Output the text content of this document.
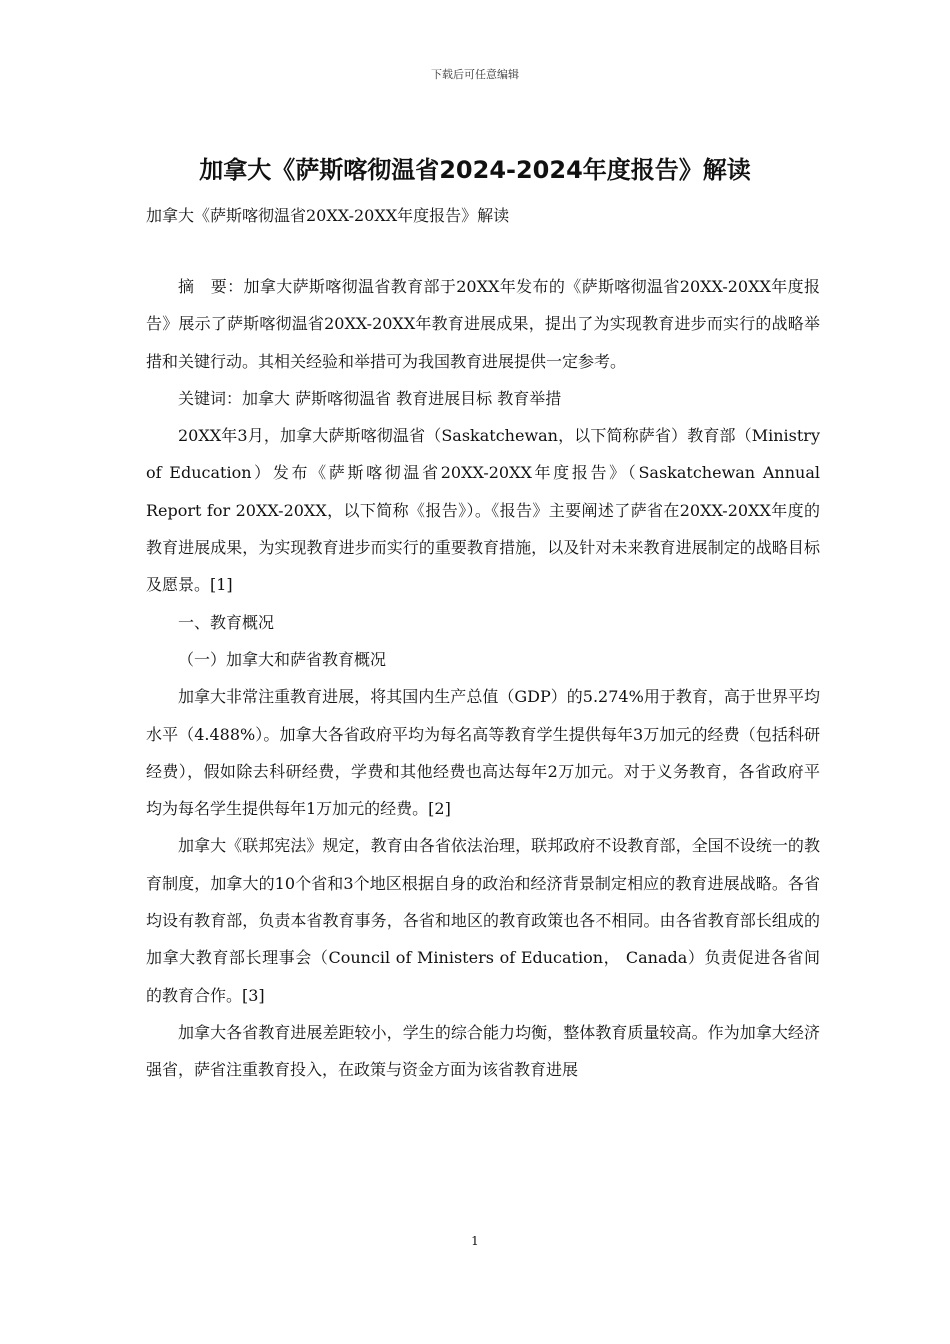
下载后可任意编辑
加拿大《萨斯喀彻温省2024-2024年度报告》解读
加拿大《萨斯喀彻温省20XX-20XX年度报告》解读

摘　要：加拿大萨斯喀彻温省教育部于20XX年发布的《萨斯喀彻温省20XX-20XX年度报告》展示了萨斯喀彻温省20XX-20XX年教育进展成果，提出了为实现教育进步而实行的战略举措和关键行动。其相关经验和举措可为我国教育进展提供一定参考。

关键词：加拿大 萨斯喀彻温省 教育进展目标 教育举措

20XX年3月，加拿大萨斯喀彻温省（Saskatchewan，以下简称萨省）教育部（Ministry of Education）发布《萨斯喀彻温省20XX-20XX年度报告》（Saskatchewan Annual Report for 20XX-20XX，以下简称《报告》）。《报告》主要阐述了萨省在20XX-20XX年度的教育进展成果，为实现教育进步而实行的重要教育措施，以及针对未来教育进展制定的战略目标及愿景。[1]

一、教育概况

（一）加拿大和萨省教育概况

加拿大非常注重教育进展，将其国内生产总值（GDP）的5.274%用于教育，高于世界平均水平（4.488%）。加拿大各省政府平均为每名高等教育学生提供每年3万加元的经费（包括科研经费），假如除去科研经费，学费和其他经费也高达每年2万加元。对于义务教育，各省政府平均为每名学生提供每年1万加元的经费。[2]

加拿大《联邦宪法》规定，教育由各省依法治理，联邦政府不设教育部，全国不设统一的教育制度，加拿大的10个省和3个地区根据自身的政治和经济背景制定相应的教育进展战略。各省均设有教育部，负责本省教育事务，各省和地区的教育政策也各不相同。由各省教育部长组成的加拿大教育部长理事会（Council of Ministers of Education， Canada）负责促进各省间的教育合作。[3]

加拿大各省教育进展差距较小，学生的综合能力均衡，整体教育质量较高。作为加拿大经济强省，萨省注重教育投入，在政策与资金方面为该省教育进展

1
